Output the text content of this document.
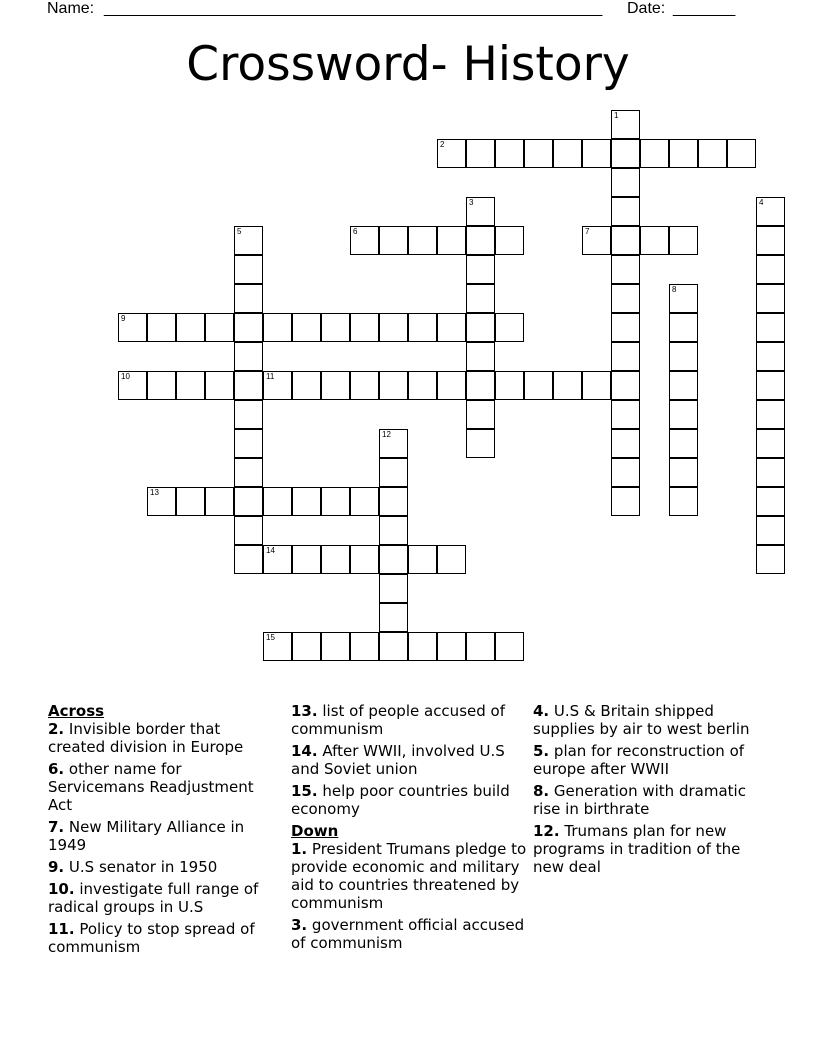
Name: ________________________________________________________ Date: _______
Crossword- History
1
2
3	4
5	6	7
8
9
10	11
12
13
14
15
Across
2. Invisible border that created division in Europe
6. other name for Servicemans Readjustment Act
7. New Military Alliance in 1949
9. U.S senator in 1950
10. investigate full range of radical groups in U.S
11. Policy to stop spread of communism
13. list of people accused of communism
14. After WWII, involved U.S and Soviet union
15. help poor countries build economy
Down
1. President Trumans pledge to provide economic and military aid to countries threatened by communism
3. government official accused of communism
4. U.S & Britain shipped supplies by air to west berlin
5. plan for reconstruction of europe after WWII
8. Generation with dramatic rise in birthrate
12. Trumans plan for new programs in tradition of the new deal
